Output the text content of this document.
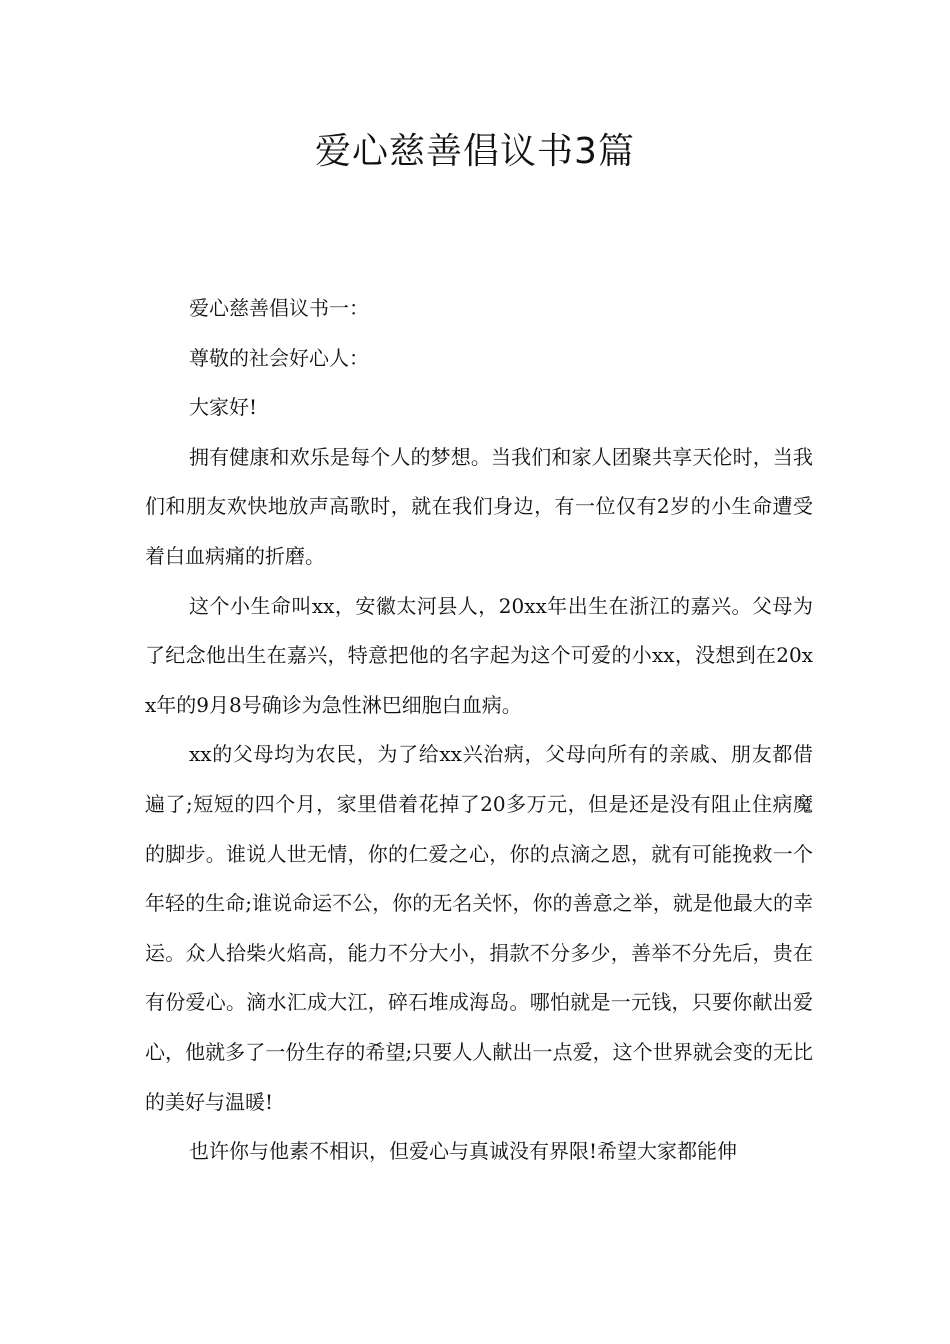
爱心慈善倡议书3篇

爱心慈善倡议书一：

尊敬的社会好心人：

大家好!

拥有健康和欢乐是每个人的梦想。当我们和家人团聚共享天伦时，当我们和朋友欢快地放声高歌时，就在我们身边，有一位仅有2岁的小生命遭受着白血病痛的折磨。

这个小生命叫xx，安徽太河县人，20xx年出生在浙江的嘉兴。父母为了纪念他出生在嘉兴，特意把他的名字起为这个可爱的小xx，没想到在20xx年的9月8号确诊为急性淋巴细胞白血病。

xx的父母均为农民，为了给xx兴治病，父母向所有的亲戚、朋友都借遍了;短短的四个月，家里借着花掉了20多万元，但是还是没有阻止住病魔的脚步。谁说人世无情，你的仁爱之心，你的点滴之恩，就有可能挽救一个年轻的生命;谁说命运不公，你的无名关怀，你的善意之举，就是他最大的幸运。众人拾柴火焰高，能力不分大小，捐款不分多少，善举不分先后，贵在有份爱心。滴水汇成大江，碎石堆成海岛。哪怕就是一元钱，只要你献出爱心，他就多了一份生存的希望;只要人人献出一点爱，这个世界就会变的无比的美好与温暖!

也许你与他素不相识，但爱心与真诚没有界限!希望大家都能伸
